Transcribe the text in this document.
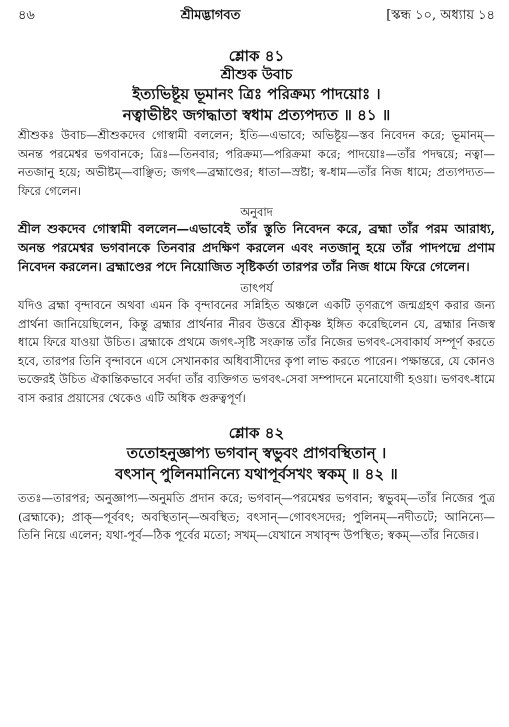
৪৬	শ্রীমদ্ভাগবত	[স্কন্ধ ১০, অধ্যায় ১৪
শ্লোক ৪১
শ্রীশুক উবাচ
ইত্যভিষ্টূয় ভূমানং ত্রিঃ পরিক্রম্য পাদয়োঃ ।
নত্বাভীষ্টং জগদ্ধাতা স্বধাম প্রত্যপদ্যত ॥ ৪১ ॥

শ্রীশুকঃ উবাচ—শ্রীশুকদেব গোস্বামী বললেন; ইতি—এভাবে; অভিষ্টূয়—স্তব নিবেদন করে; ভূমানম্—অনন্ত পরমেশ্বর ভগবানকে; ত্রিঃ—তিনবার; পরিক্রম্য—পরিক্রমা করে; পাদয়োঃ—তাঁর পদদ্বয়ে; নত্বা—নতজানু হয়ে; অভীষ্টম্—বাঞ্ছিত; জগৎ—ব্রহ্মাণ্ডের; ধাতা—স্রষ্টা; স্ব-ধাম—তাঁর নিজ ধামে; প্রত্যপদ্যত—ফিরে গেলেন।

অনুবাদ

শ্রীল শুকদেব গোস্বামী বললেন—এভাবেই তাঁর স্তুতি নিবেদন করে, ব্রহ্মা তাঁর পরম আরাধ্য, অনন্ত পরমেশ্বর ভগবানকে তিনবার প্রদক্ষিণ করলেন এবং নতজানু হয়ে তাঁর পাদপদ্মে প্রণাম নিবেদন করলেন। ব্রহ্মাণ্ডের পদে নিয়োজিত সৃষ্টিকর্তা তারপর তাঁর নিজ ধামে ফিরে গেলেন।

তাৎপর্য

যদিও ব্রহ্মা বৃন্দাবনে অথবা এমন কি বৃন্দাবনের সন্নিহিত অঞ্চলে একটি তৃণরূপে জন্মগ্রহণ করার জন্য প্রার্থনা জানিয়েছিলেন, কিন্তু ব্রহ্মার প্রার্থনার নীরব উত্তরে শ্রীকৃষ্ণ ইঙ্গিত করেছিলেন যে, ব্রহ্মার নিজস্ব ধামে ফিরে যাওয়া উচিত। ব্রহ্মাকে প্রথমে জগৎ-সৃষ্টি সংক্রান্ত তাঁর নিজের ভগবৎ-সেবাকার্য সম্পূর্ণ করতে হবে, তারপর তিনি বৃন্দাবনে এসে সেখানকার অধিবাসীদের কৃপা লাভ করতে পারেন। পক্ষান্তরে, যে কোনও ভক্তেরই উচিত ঐকান্তিকভাবে সর্বদা তাঁর ব্যক্তিগত ভগবৎ-সেবা সম্পাদনে মনোযোগী হওয়া। ভগবৎ-ধামে বাস করার প্রয়াসের থেকেও এটি অধিক গুরুত্বপূর্ণ।

শ্লোক ৪২
ততোহনুজ্ঞাপ্য ভগবান্ স্বভুবং প্রাগবস্থিতান্ ।
বৎসান্ পুলিনমানিন্যে যথাপূর্বসখং স্বকম্ ॥ ৪২ ॥

ততঃ—তারপর; অনুজ্ঞাপ্য—অনুমতি প্রদান করে; ভগবান্—পরমেশ্বর ভগবান; স্বভুবম্—তাঁর নিজের পুত্র (ব্রহ্মাকে); প্রাক্—পূর্ববৎ; অবস্থিতান্—অবস্থিত; বৎসান্—গোবৎসদের; পুলিনম্—নদীতটে; আনিন্যে—তিনি নিয়ে এলেন; যথা-পূর্ব—ঠিক পূর্বের মতো; সখম্—যেখানে সখাবৃন্দ উপস্থিত; স্বকম্—তাঁর নিজের।
